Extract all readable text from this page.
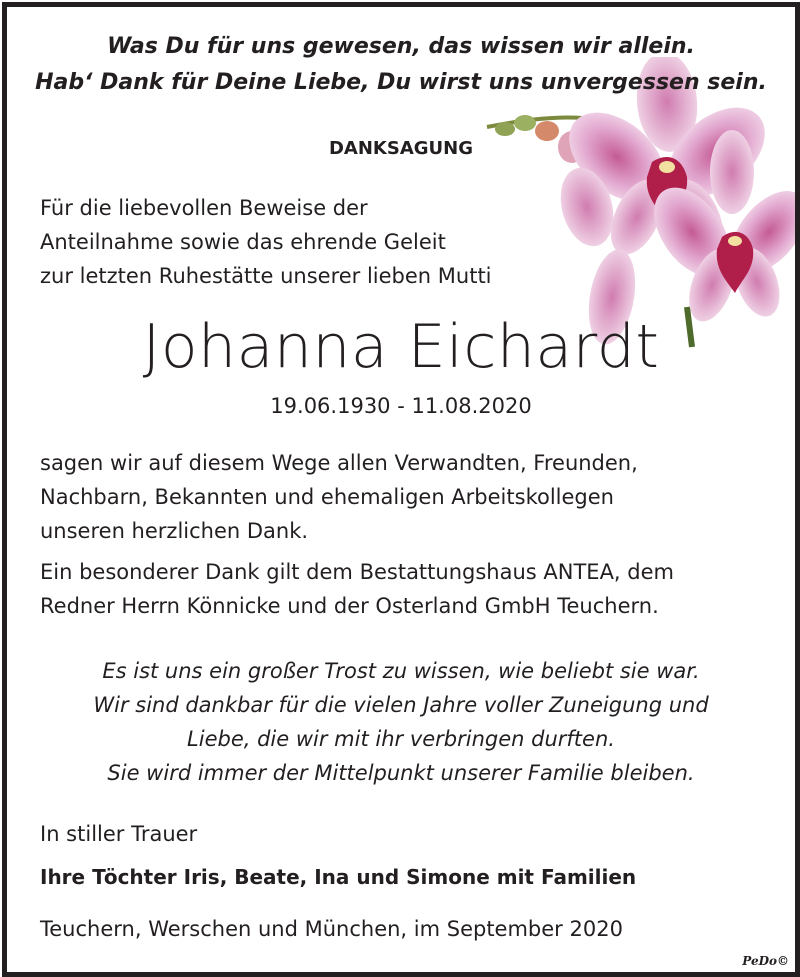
Was Du für uns gewesen, das wissen wir allein.

Hab‘ Dank für Deine Liebe, Du wirst uns unvergessen sein.

DANKSAGUNG

Für die liebevollen Beweise der

Anteilnahme sowie das ehrende Geleit

zur letzten Ruhestätte unserer lieben Mutti

Johanna Eichardt

19.06.1930 - 11.08.2020

sagen wir auf diesem Wege allen Verwandten, Freunden,

Nachbarn, Bekannten und ehemaligen Arbeitskollegen

unseren herzlichen Dank.

Ein besonderer Dank gilt dem Bestattungshaus ANTEA, dem

Redner Herrn Könnicke und der Osterland GmbH Teuchern.

Es ist uns ein großer Trost zu wissen, wie beliebt sie war.

Wir sind dankbar für die vielen Jahre voller Zuneigung und

Liebe, die wir mit ihr verbringen durften.

Sie wird immer der Mittelpunkt unserer Familie bleiben.

In stiller Trauer

Ihre Töchter Iris, Beate, Ina und Simone mit Familien

Teuchern, Werschen und München, im September 2020

PeDo©
